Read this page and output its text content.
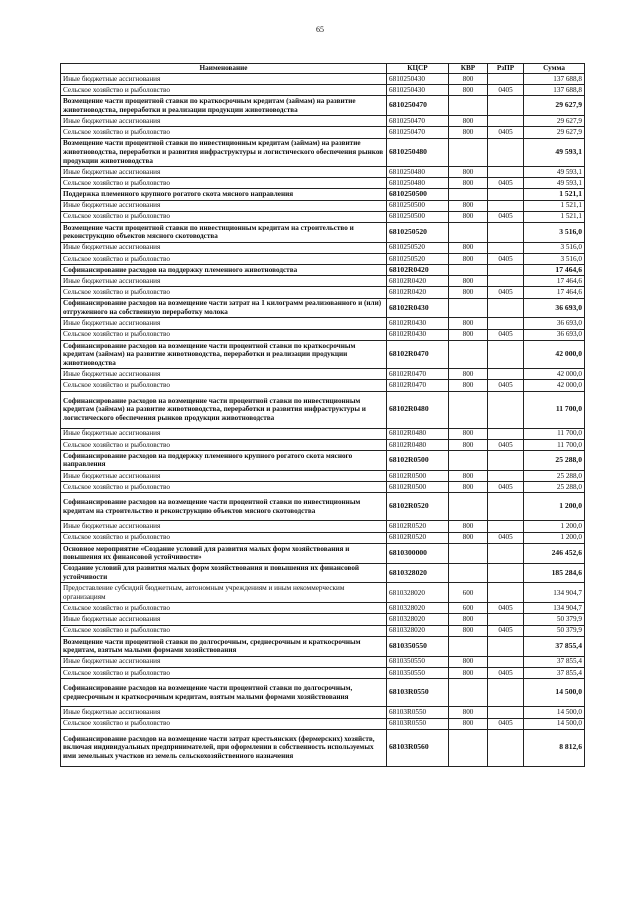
65
Наименование	КЦСР	КВР	РзПР	Сумма
Иные бюджетные ассигнования	6810250430	800		137 688,8
Сельское хозяйство и рыболовство	6810250430	800	0405	137 688,8
Возмещение части процентной ставки по краткосрочным кредитам (займам) на развитие животноводства, переработки и реализации продукции животноводства	6810250470			29 627,9
Иные бюджетные ассигнования	6810250470	800		29 627,9
Сельское хозяйство и рыболовство	6810250470	800	0405	29 627,9
Возмещение части процентной ставки по инвестиционным кредитам (займам) на развитие животноводства, переработки и развития инфраструктуры и логистического обеспечения рынков продукции животноводства	6810250480			49 593,1
Иные бюджетные ассигнования	6810250480	800		49 593,1
Сельское хозяйство и рыболовство	6810250480	800	0405	49 593,1
Поддержка племенного крупного рогатого скота мясного направления	6810250500			1 521,1
Иные бюджетные ассигнования	6810250500	800		1 521,1
Сельское хозяйство и рыболовство	6810250500	800	0405	1 521,1
Возмещение части процентной ставки по инвестиционным кредитам на строительство и реконструкцию объектов мясного скотоводства	6810250520			3 516,0
Иные бюджетные ассигнования	6810250520	800		3 516,0
Сельское хозяйство и рыболовство	6810250520	800	0405	3 516,0
Софинансирование расходов на поддержку племенного животноводства	68102R0420			17 464,6
Иные бюджетные ассигнования	68102R0420	800		17 464,6
Сельское хозяйство и рыболовство	68102R0420	800	0405	17 464,6
Софинансирование расходов на возмещение части затрат на 1 килограмм реализованного и (или) отгруженного на собственную переработку молока	68102R0430			36 693,0
Иные бюджетные ассигнования	68102R0430	800		36 693,0
Сельское хозяйство и рыболовство	68102R0430	800	0405	36 693,0
Софинансирование расходов на возмещение части процентной ставки по краткосрочным кредитам (займам) на развитие животноводства, переработки и реализации продукции животноводства	68102R0470			42 000,0
Иные бюджетные ассигнования	68102R0470	800		42 000,0
Сельское хозяйство и рыболовство	68102R0470	800	0405	42 000,0
Софинансирование расходов на возмещение части процентной ставки по инвестиционным кредитам (займам) на развитие животноводства, переработки и развития инфраструктуры и логистического обеспечения рынков продукции животноводства	68102R0480			11 700,0
Иные бюджетные ассигнования	68102R0480	800		11 700,0
Сельское хозяйство и рыболовство	68102R0480	800	0405	11 700,0
Софинансирование расходов на поддержку племенного крупного рогатого скота мясного направления	68102R0500			25 288,0
Иные бюджетные ассигнования	68102R0500	800		25 288,0
Сельское хозяйство и рыболовство	68102R0500	800	0405	25 288,0
Софинансирование расходов на возмещение части процентной ставки по инвестиционным кредитам на строительство и реконструкцию объектов мясного скотоводства	68102R0520			1 200,0
Иные бюджетные ассигнования	68102R0520	800		1 200,0
Сельское хозяйство и рыболовство	68102R0520	800	0405	1 200,0
Основное мероприятие «Создание условий для развития малых форм хозяйствования и повышения их финансовой устойчивости»	6810300000			246 452,6
Создание условий для развития малых форм хозяйствования и повышения их финансовой устойчивости	6810328020			185 284,6
Предоставление субсидий бюджетным, автономным учреждениям и иным некоммерческим организациям	6810328020	600		134 904,7
Сельское хозяйство и рыболовство	6810328020	600	0405	134 904,7
Иные бюджетные ассигнования	6810328020	800		50 379,9
Сельское хозяйство и рыболовство	6810328020	800	0405	50 379,9
Возмещение части процентной ставки по долгосрочным, среднесрочным и краткосрочным кредитам, взятым малыми формами хозяйствования	6810350550			37 855,4
Иные бюджетные ассигнования	6810350550	800		37 855,4
Сельское хозяйство и рыболовство	6810350550	800	0405	37 855,4
Софинансирование расходов на возмещение части процентной ставки по долгосрочным, среднесрочным и краткосрочным кредитам, взятым малыми формами хозяйствования	68103R0550			14 500,0
Иные бюджетные ассигнования	68103R0550	800		14 500,0
Сельское хозяйство и рыболовство	68103R0550	800	0405	14 500,0
Софинансирование расходов на возмещение части затрат крестьянских (фермерских) хозяйств, включая индивидуальных предпринимателей, при оформлении в собственность используемых ими земельных участков из земель сельскохозяйственного назначения	68103R0560			8 812,6
